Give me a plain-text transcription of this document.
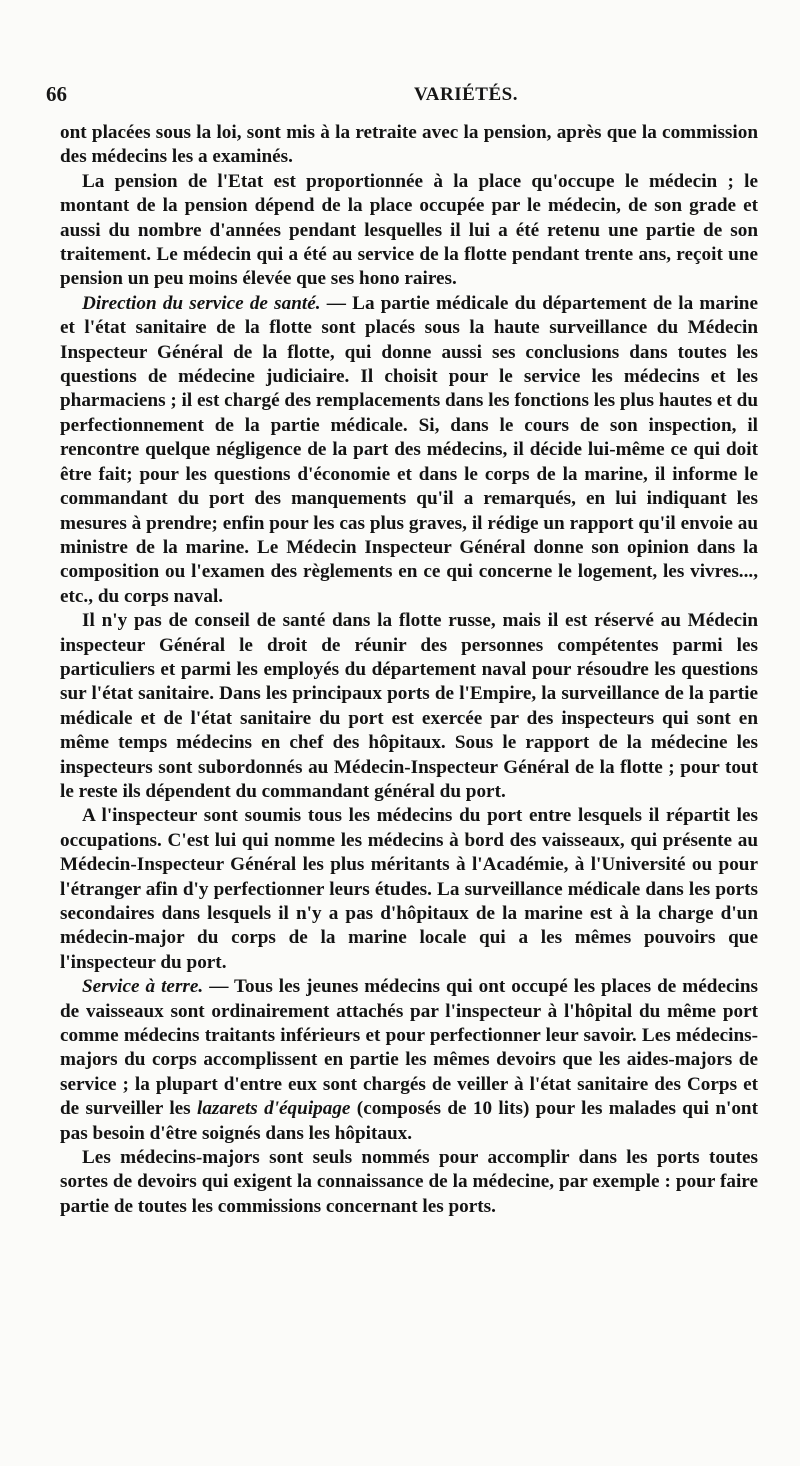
66	VARIÉTÉS.

ont placées sous la loi, sont mis à la retraite avec la pension, après que la commission des médecins les a examinés.

La pension de l'Etat est proportionnée à la place qu'occupe le médecin ; le montant de la pension dépend de la place occupée par le médecin, de son grade et aussi du nombre d'années pendant lesquelles il lui a été retenu une partie de son traitement. Le médecin qui a été au service de la flotte pendant trente ans, reçoit une pension un peu moins élevée que ses hono raires.

Direction du service de santé. — La partie médicale du département de la marine et l'état sanitaire de la flotte sont placés sous la haute surveillance du Médecin Inspecteur Général de la flotte, qui donne aussi ses conclusions dans toutes les questions de médecine judiciaire. Il choisit pour le service les médecins et les pharmaciens ; il est chargé des remplacements dans les fonctions les plus hautes et du perfectionnement de la partie médicale. Si, dans le cours de son inspection, il rencontre quelque négligence de la part des médecins, il décide lui-même ce qui doit être fait; pour les questions d'économie et dans le corps de la marine, il informe le commandant du port des manquements qu'il a remarqués, en lui indiquant les mesures à prendre; enfin pour les cas plus graves, il rédige un rapport qu'il envoie au ministre de la marine. Le Médecin Inspecteur Général donne son opinion dans la composition ou l'examen des règlements en ce qui concerne le logement, les vivres..., etc., du corps naval.

Il n'y pas de conseil de santé dans la flotte russe, mais il est réservé au Médecin inspecteur Général le droit de réunir des personnes compétentes parmi les particuliers et parmi les employés du département naval pour résoudre les questions sur l'état sanitaire. Dans les principaux ports de l'Empire, la surveillance de la partie médicale et de l'état sanitaire du port est exercée par des inspecteurs qui sont en même temps médecins en chef des hôpitaux. Sous le rapport de la médecine les inspecteurs sont subordonnés au Médecin-Inspecteur Général de la flotte ; pour tout le reste ils dépendent du commandant général du port.

A l'inspecteur sont soumis tous les médecins du port entre lesquels il répartit les occupations. C'est lui qui nomme les médecins à bord des vaisseaux, qui présente au Médecin-Inspecteur Général les plus méritants à l'Académie, à l'Université ou pour l'étranger afin d'y perfectionner leurs études. La surveillance médicale dans les ports secondaires dans lesquels il n'y a pas d'hôpitaux de la marine est à la charge d'un médecin-major du corps de la marine locale qui a les mêmes pouvoirs que l'inspecteur du port.

Service à terre. — Tous les jeunes médecins qui ont occupé les places de médecins de vaisseaux sont ordinairement attachés par l'inspecteur à l'hôpital du même port comme médecins traitants inférieurs et pour perfectionner leur savoir. Les médecins-majors du corps accomplissent en partie les mêmes devoirs que les aides-majors de service ; la plupart d'entre eux sont chargés de veiller à l'état sanitaire des Corps et de surveiller les lazarets d'équipage (composés de 10 lits) pour les malades qui n'ont pas besoin d'être soignés dans les hôpitaux.

Les médecins-majors sont seuls nommés pour accomplir dans les ports toutes sortes de devoirs qui exigent la connaissance de la médecine, par exemple : pour faire partie de toutes les commissions concernant les ports.
